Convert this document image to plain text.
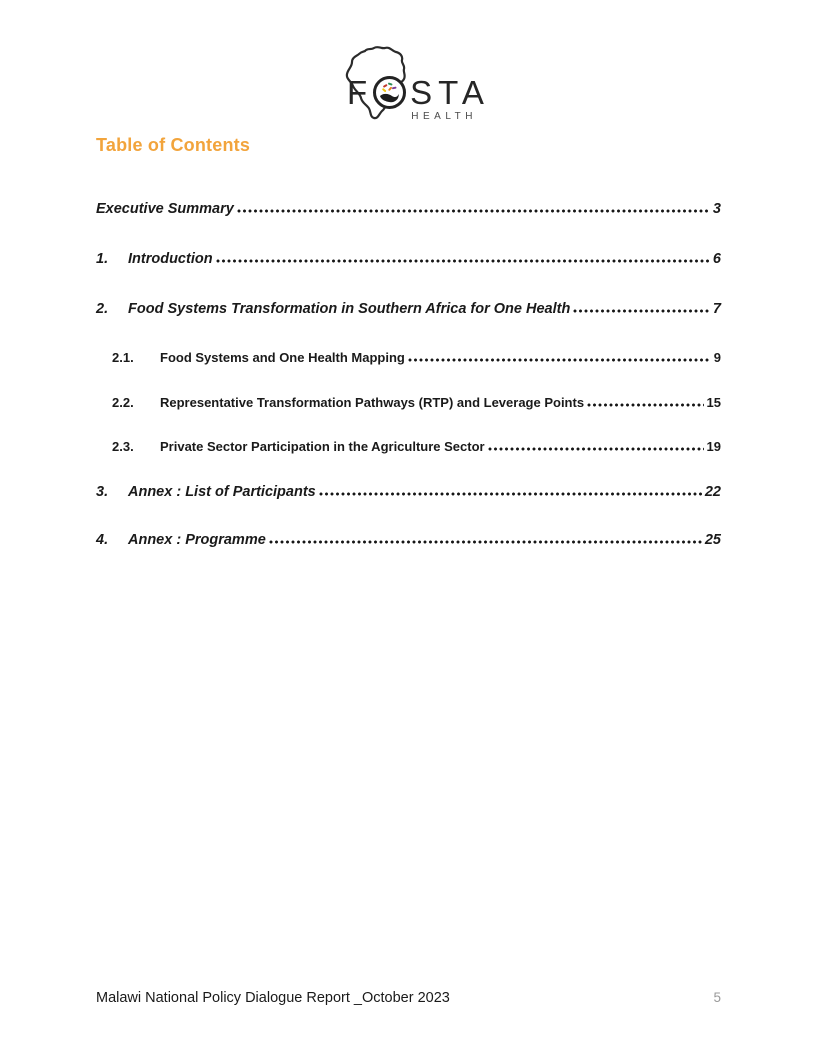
F STA
HEALTH
Table of Contents
Executive Summary	3
1.	Introduction	6
2.	Food Systems Transformation in Southern Africa for One Health	7
2.1.	Food Systems and One Health Mapping	9
2.2.	Representative Transformation Pathways (RTP) and Leverage Points	15
2.3.	Private Sector Participation in the Agriculture Sector	19
3.	Annex : List of Participants	22
4.	Annex : Programme	25
Malawi National Policy Dialogue Report _October 2023	5
